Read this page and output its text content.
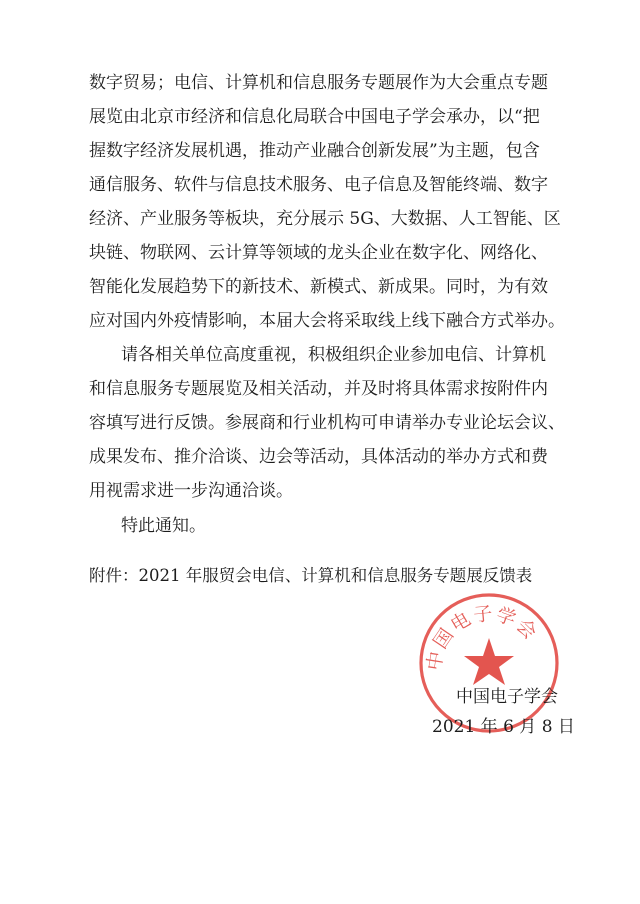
数字贸易；电信、计算机和信息服务专题展作为大会重点专题
展览由北京市经济和信息化局联合中国电子学会承办，以“把
握数字经济发展机遇，推动产业融合创新发展”为主题，包含
通信服务、软件与信息技术服务、电子信息及智能终端、数字
经济、产业服务等板块，充分展示 5G、大数据、人工智能、区
块链、物联网、云计算等领域的龙头企业在数字化、网络化、
智能化发展趋势下的新技术、新模式、新成果。同时，为有效
应对国内外疫情影响，本届大会将采取线上线下融合方式举办。
请各相关单位高度重视，积极组织企业参加电信、计算机
和信息服务专题展览及相关活动，并及时将具体需求按附件内
容填写进行反馈。参展商和行业机构可申请举办专业论坛会议、
成果发布、推介洽谈、边会等活动，具体活动的举办方式和费
用视需求进一步沟通洽谈。
特此通知。
附件：2021 年服贸会电信、计算机和信息服务专题展反馈表
中国电子学会
中国电子学会
2021 年 6 月 8 日
